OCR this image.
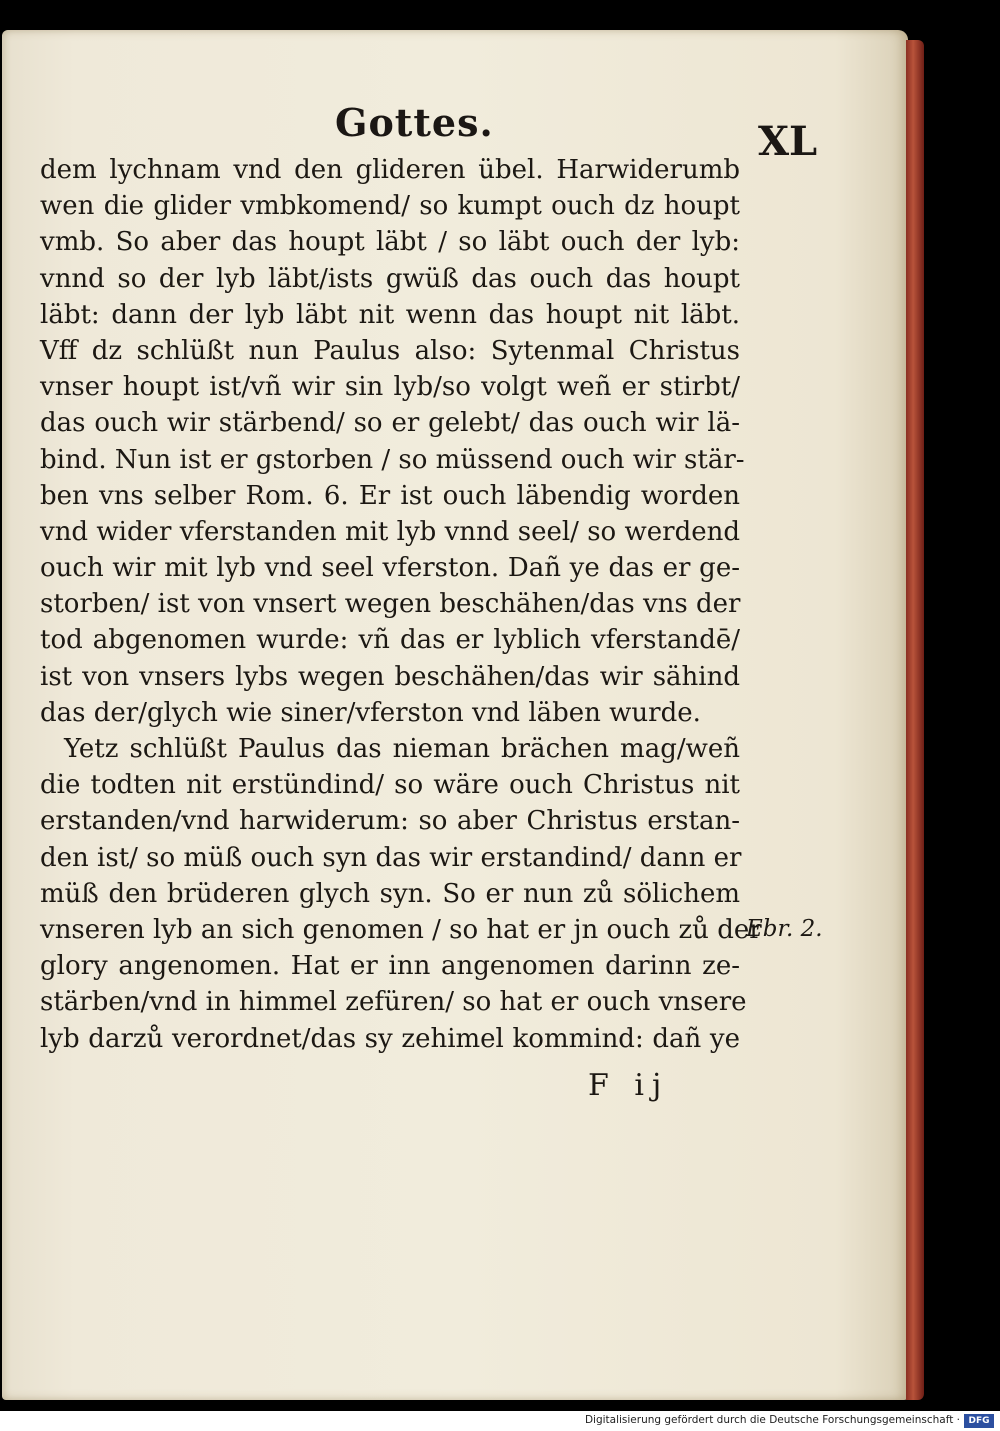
Gottes.	XL
dem lychnam vnd den glideren übel. Harwiderumb
wen die glider vmbkomend/ so kumpt ouch dz houpt
vmb. So aber das houpt läbt / so läbt ouch der lyb:
vnnd so der lyb läbt/ists gwüß das ouch das houpt
läbt: dann der lyb läbt nit wenn das houpt nit läbt.
Vff dz schlüßt nun Paulus also: Sytenmal Christus
vnser houpt ist/vñ wir sin lyb/so volgt weñ er stirbt/
das ouch wir stärbend/ so er gelebt/ das ouch wir lä-
bind. Nun ist er gstorben / so müssend ouch wir stär-
ben vns selber Rom. 6. Er ist ouch läbendig worden
vnd wider vferstanden mit lyb vnnd seel/ so werdend
ouch wir mit lyb vnd seel vferston. Dañ ye das er ge-
storben/ ist von vnsert wegen beschähen/das vns der
tod abgenomen wurde: vñ das er lyblich vferstandē/
ist von vnsers lybs wegen beschähen/das wir sähind
das der/glych wie siner/vferston vnd läben wurde.
Yetz schlüßt Paulus das nieman brächen mag/weñ
die todten nit erstündind/ so wäre ouch Christus nit
erstanden/vnd harwiderum: so aber Christus erstan-
den ist/ so müß ouch syn das wir erstandind/ dann er
müß den brüderen glych syn. So er nun zů sölichem
vnseren lyb an sich genomen / so hat er jn ouch zů der
glory angenomen. Hat er inn angenomen darinn ze-
stärben/vnd in himmel zefüren/ so hat er ouch vnsere
lyb darzů verordnet/das sy zehimel kommind: dañ ye
Ebr. 2.
F ij
Digitalisierung gefördert durch die Deutsche Forschungsgemeinschaft · DFG
